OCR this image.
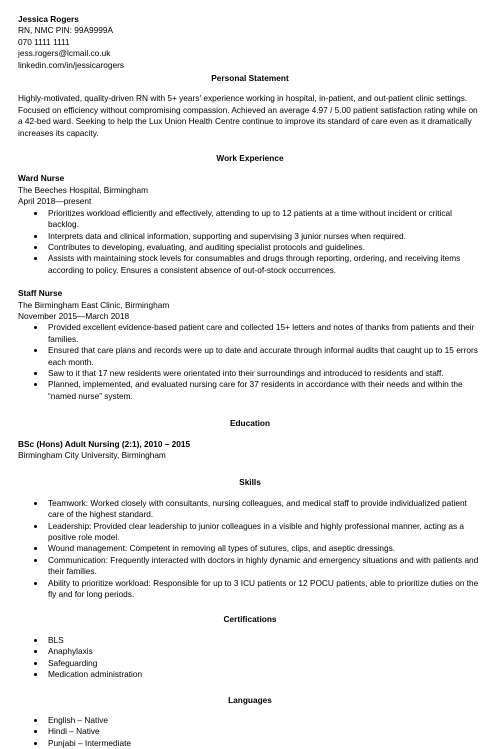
Jessica Rogers
RN, NMC PIN: 99A9999A
070 1111 1111
jess.rogers@lcmail.co.uk
linkedin.com/in/jessicarogers
Personal Statement

Highly-motivated, quality-driven RN with 5+ years' experience working in hospital, in-patient, and out-patient clinic settings. Focused on efficiency without compromising compassion. Achieved an average 4.97 / 5.00 patient satisfaction rating while on a 42-bed ward. Seeking to help the Lux Union Health Centre continue to improve its standard of care even as it dramatically increases its capacity.

Work Experience
Ward Nurse
The Beeches Hospital, Birmingham
April 2018—present
• Prioritizes workload efficiently and effectively, attending to up to 12 patients at a time without incident or critical backlog.
• Interprets data and clinical information, supporting and supervising 3 junior nurses when required.
• Contributes to developing, evaluating, and auditing specialist protocols and guidelines.
• Assists with maintaining stock levels for consumables and drugs through reporting, ordering, and receiving items according to policy. Ensures a consistent absence of out-of-stock occurrences.
Staff Nurse
The Birmingham East Clinic, Birmingham
November 2015—March 2018
• Provided excellent evidence-based patient care and collected 15+ letters and notes of thanks from patients and their families.
• Ensured that care plans and records were up to date and accurate through informal audits that caught up to 15 errors each month.
• Saw to it that 17 new residents were orientated into their surroundings and introduced to residents and staff.
• Planned, implemented, and evaluated nursing care for 37 residents in accordance with their needs and within the “named nurse” system.
Education
BSc (Hons) Adult Nursing (2:1), 2010 – 2015
Birmingham City University, Birmingham
Skills
• Teamwork: Worked closely with consultants, nursing colleagues, and medical staff to provide individualized patient care of the highest standard.
• Leadership: Provided clear leadership to junior colleagues in a visible and highly professional manner, acting as a positive role model.
• Wound management: Competent in removing all types of sutures, clips, and aseptic dressings.
• Communication: Frequently interacted with doctors in highly dynamic and emergency situations and with patients and their families.
• Ability to prioritize workload: Responsible for up to 3 ICU patients or 12 POCU patients, able to prioritize duties on the fly and for long periods.
Certifications
• BLS
• Anaphylaxis
• Safeguarding
• Medication administration
Languages
• English – Native
• Hindi – Native
• Punjabi – Intermediate
